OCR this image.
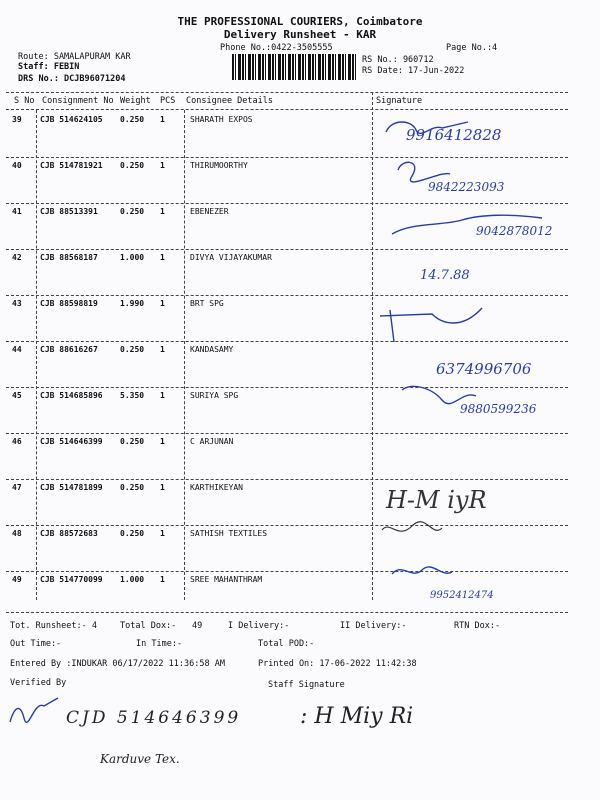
THE PROFESSIONAL COURIERS, Coimbatore
Delivery Runsheet - KAR
Phone No.:0422-3505555	Page No.:4
Route: SAMALAPURAM KAR
Staff: FEBIN
DRS No.: DCJB96071204
RS No.: 960712
RS Date: 17-Jun-2022
S No Consignment No Weight PCS Consignee Details	Signature
39 CJB 514624105 0.250 1	SHARATH EXPOS
9916412828
40 CJB 514781921 0.250 1	THIRUMOORTHY
9842223093
41 CJB 88513391	0.250 1	EBENEZER
9042878012
42 CJB 88568187	1.000 1	DIVYA VIJAYAKUMAR
14.7.88
43 CJB 88598819	1.990 1	BRT SPG
44 CJB 88616267	0.250 1	KANDASAMY
6374996706
45 CJB 514685896 5.350 1	SURIYA SPG
9880599236
46 CJB 514646399 0.250 1	C ARJUNAN
47 CJB 514781899 0.250 1	KARTHIKEYAN	H-M iyR
48 CJB 88572683	0.250 1	SATHISH TEXTILES
49 CJB 514770099 1.000 1	SREE MAHANTHRAM
9952412474
Tot. Runsheet:- 4	Total Dox:- 49	I Delivery:-	II Delivery:-	RTN Dox:-
Out Time:-	In Time:-	Total POD:-
Entered By :INDUKAR 06/17/2022 11:36:58 AM	Printed On: 17-06-2022 11:42:38
Verified By	Staff Signature
CJD 514646399	: H Miy Ri
Karduve Tex.
